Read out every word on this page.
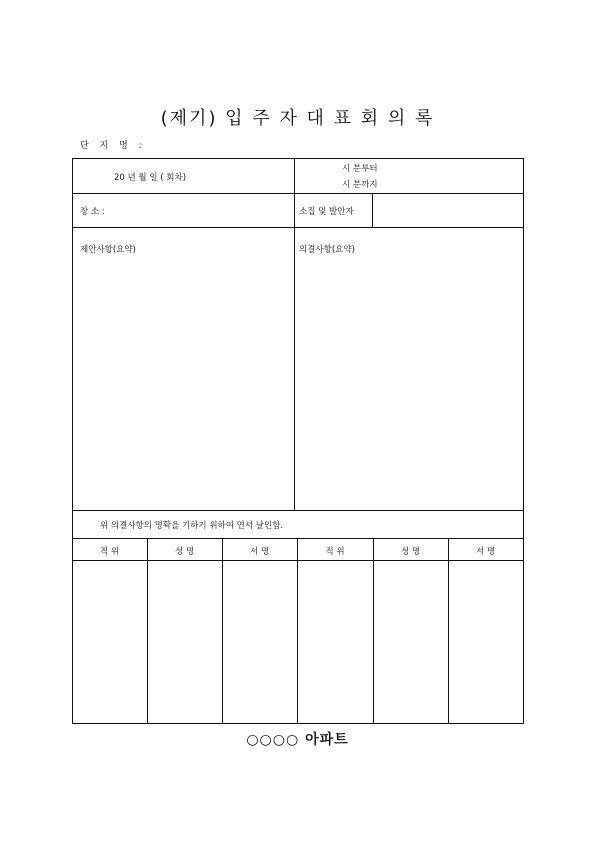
(제기) 입 주 자 대 표 회 의 록
단 지 명 :
20 년 월 일 ( 회차)
시 분부터
시 분까지
장 소 :	소집 및 발안자
제안사항(요약)	의결사항(요약)
위 의결사항의 명확을 기하기 위하여 연서 날인함.
직 위	성 명	서 명	직 위	성 명	서 명
○○○○ 아파트
